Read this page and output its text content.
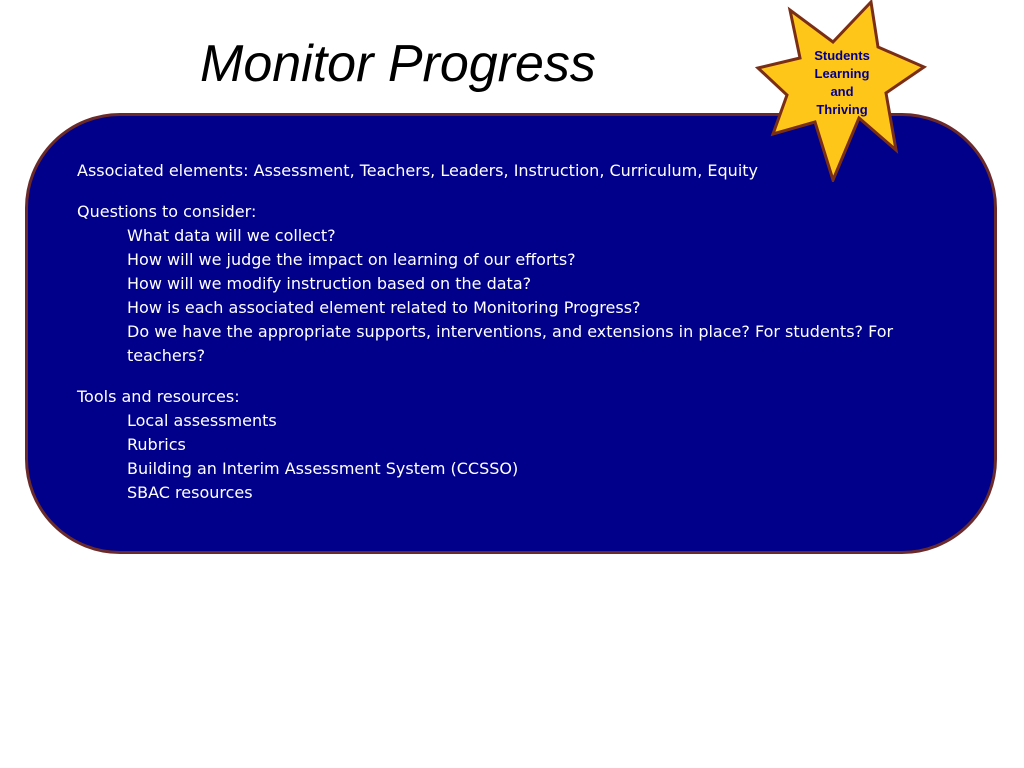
Monitor Progress

Associated elements: Assessment, Teachers, Leaders, Instruction, Curriculum, Equity

Questions to consider:
What data will we collect?
How will we judge the impact on learning of our efforts?
How will we modify instruction based on the data?
How is each associated element related to Monitoring Progress?
Do we have the appropriate supports, interventions, and extensions in place? For students? For teachers?
Tools and resources:
Local assessments
Rubrics
Building an Interim Assessment System (CCSSO)
SBAC resources
Students
Learning
and
Thriving
